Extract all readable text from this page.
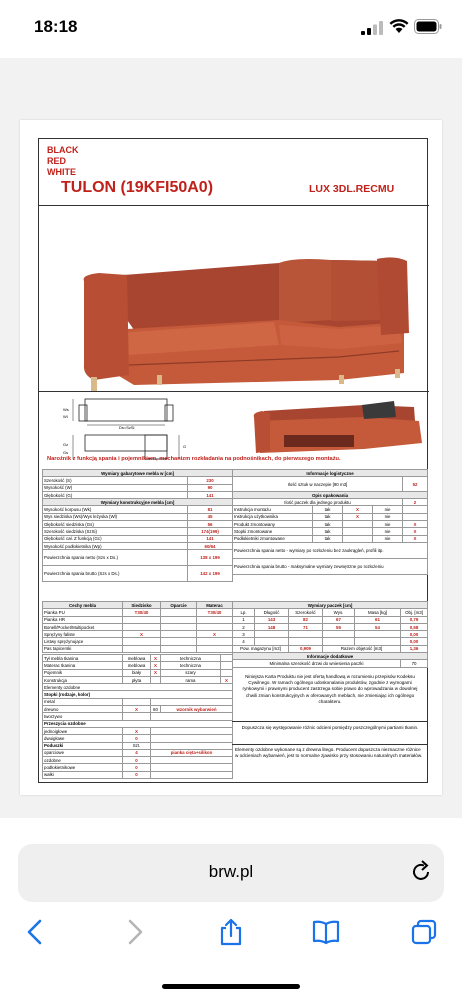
18:18
BLACK
RED
WHITE
TULON (19KFI50A0)	LUX 3DL.RECMU
Ws
Wl
Ds=SzSi
Gz
Gs
G
Narożnik z funkcją spania i pojemnikiem, mechanizm rozkładania na podnośnikach, do pierwszego montażu.
Wymiary gabarytowe mebla w [cm]	
Szerokość (S)	230
Wysokość (W)	90
Głębokość (G)	141
Wymiary konstrukcyjne mebla [cm]	
Wysokość korpusu (Wk)	81
Wys siedziska (Ws)/Wys leżyska (Wl)	45
Głębokość siedziska (Gs)	56
Szerokość siedziska (SzSi)	174(199)
Głębokość cał. Z funkcją (Gc)	141
Wysokość podłokietnika (Wp)	60/64
Powierzchnia spania netto (Szs x Ds.)	138 x 199
Powierzchnia spania brutto (Szs x Ds.)	142 x 199
Informacje logistyczne				
Ilość sztuk w naczepie [90 m3]				52
Opis opakowania				
Ilość paczek dla jednego produktu				2
Instrukcja montażu	tak	X	nie	
Instrukcja użytkownika	tak	X	nie	
Produkt zmontowany	tak		nie	X
Stopki zmontowane	tak		nie	X
Podłokietniki zmontowane	tak		nie	X
Powierzchnia spania netto - wymiary po rozłożeniu bez zaokrągleń, profili itp.				
Powierzchnia spania brutto - maksymalne wymiary zewnętrzne po rozłożeniu				
Cechy mebla	Siedzisko	Oparcie	Materac
Pianka PU	T30/40		T30/40
Pianka HR			
Bonell/Pocket/Multipocket			
Sprężyny faliste	X		X
Listwy sprężynujące			
Pas tapicerski			
Tył mebla tkanina	meblowa	X	techniczna	
Materac tkanina	meblowa	X	techniczna	
Pojemnik	biały	X	szary	
Konstrukcja	płyta		rama	X
Elementy ozdobne				
Stopki (rodzaje, kolor)				
metal				
drewno	X	60	wzornik wybarwień	
tworzywo				
Przeszycia ozdobne				
jednoigłowe	X			
dwuigłowe	0			
Poduszki	Szt.			
oparciowe	4	pianka cięta+silikon		
ozdobne	0			
podłokietnikowe	0			
wałki	0			
Wymiary paczek [cm]					
Lp.	Długość	Szerokość	Wys.	Masa [kg]	Obj. [m3]
1	143	82	67	61	0,79
2	148	71	55	54	0,58
3					0,00
4					0,00
Pow. magazynu [m2]		0,909	Razem objętość [m3]		1,36
Informacje dodatkowe					
Minimalna szerokość drzwi do wniesienia paczki					70
Niniejsza Karta Produktu nie jest ofertą handlową w rozumieniu przepisów Kodeksu Cywilnego. W ramach ogólnego udoskonalania produktów, zgodnie z wymogami rynkowymi i prawnymi producent zastrzega sobie prawo do wprowadzania w dowolnej chwili zmian konstrukcyjnych w oferowanych meblach, nie zmieniając ich ogólnego charakteru.
Dopuszcza się występowanie różnic odcieni pomiędzy poszczególnymi partiami tkanin.
Elementy ozdobne wykonane są z drewna litego. Producent dopuszcza nieznaczne różnice w odcieniach wybarwień, jest to normalne zjawisko przy stosowaniu naturalnych materiałów.
brw.pl
